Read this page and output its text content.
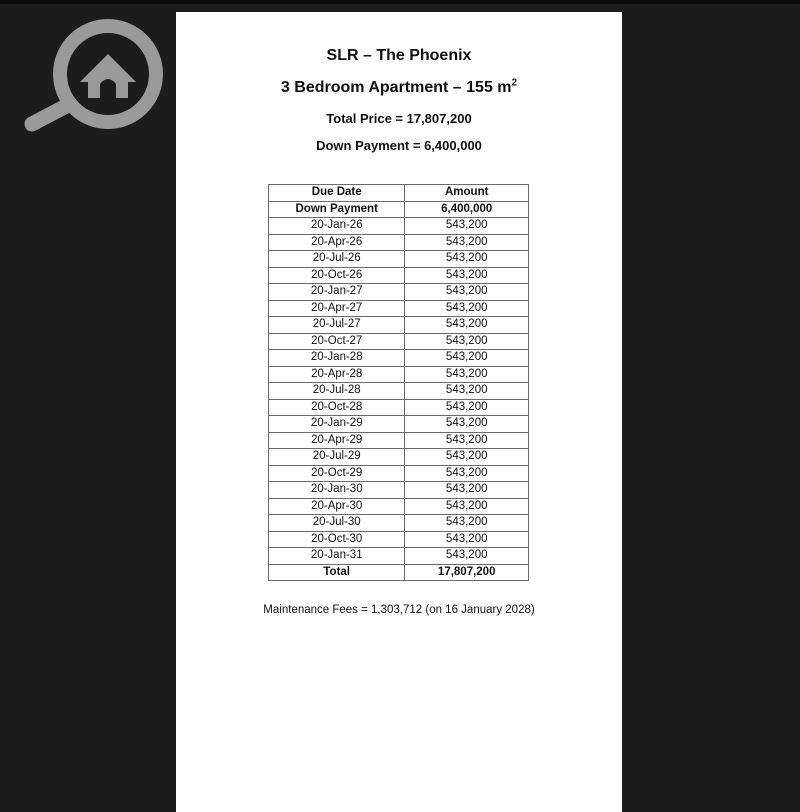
SLR – The Phoenix
3 Bedroom Apartment – 155 $m^2$
Total Price = 17,807,200
Down Payment = 6,400,000
Due Date	Amount
Down Payment	6,400,000
20-Jan-26	543,200
20-Apr-26	543,200
20-Jul-26	543,200
20-Oct-26	543,200
20-Jan-27	543,200
20-Apr-27	543,200
20-Jul-27	543,200
20-Oct-27	543,200
20-Jan-28	543,200
20-Apr-28	543,200
20-Jul-28	543,200
20-Oct-28	543,200
20-Jan-29	543,200
20-Apr-29	543,200
20-Jul-29	543,200
20-Oct-29	543,200
20-Jan-30	543,200
20-Apr-30	543,200
20-Jul-30	543,200
20-Oct-30	543,200
20-Jan-31	543,200
Total	17,807,200
Maintenance Fees = 1,303,712 (on 16 January 2028)
